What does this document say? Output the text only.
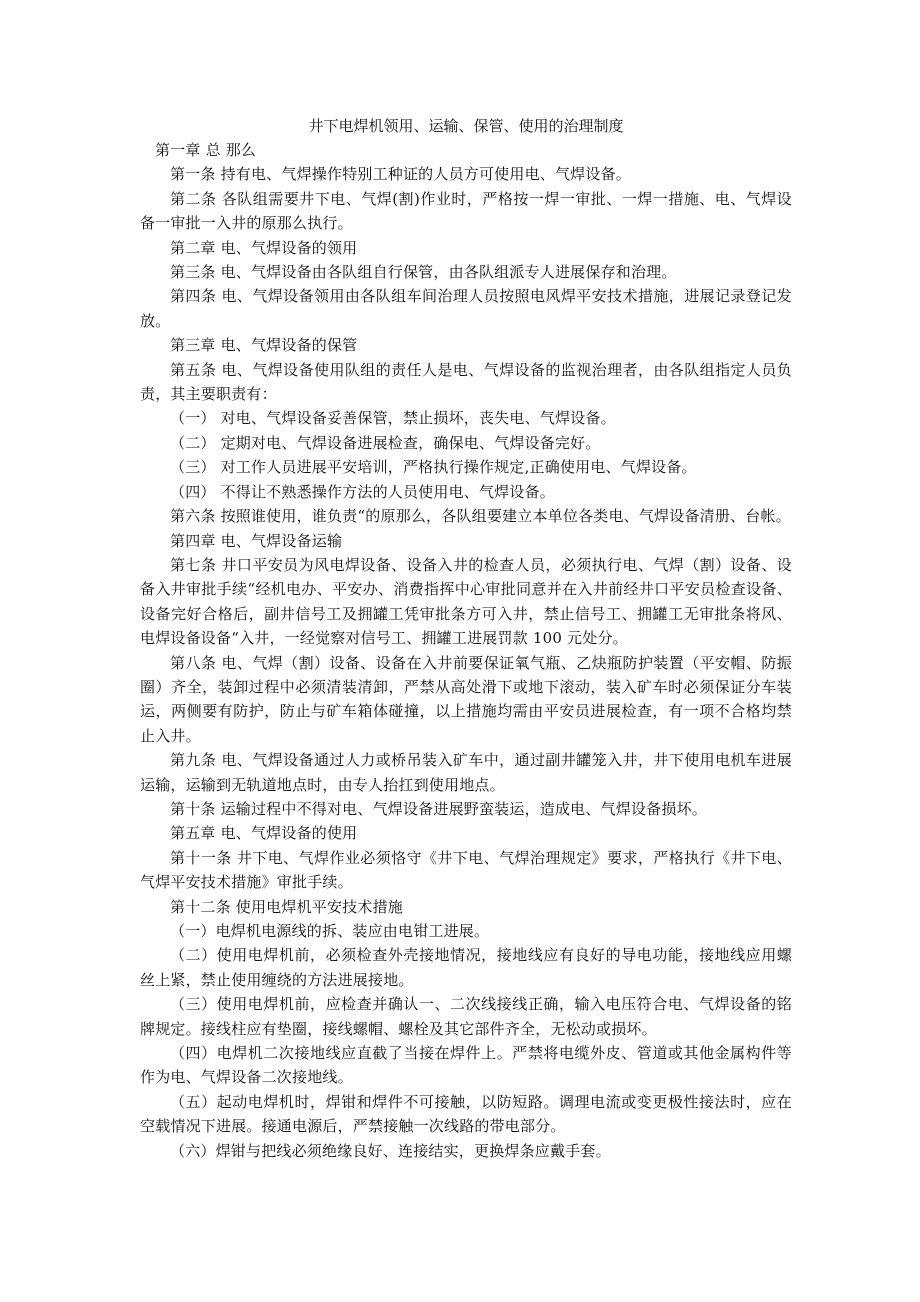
井下电焊机领用、运输、保管、使用的治理制度

第一章 总 那么

第一条 持有电、气焊操作特别工种证的人员方可使用电、气焊设备。

第二条 各队组需要井下电、气焊(割)作业时，严格按一焊一审批、一焊一措施、电、气焊设备一审批一入井的原那么执行。

第二章 电、气焊设备的领用

第三条 电、气焊设备由各队组自行保管，由各队组派专人进展保存和治理。

第四条 电、气焊设备领用由各队组车间治理人员按照电风焊平安技术措施，进展记录登记发放。

第三章 电、气焊设备的保管

第五条 电、气焊设备使用队组的责任人是电、气焊设备的监视治理者，由各队组指定人员负责，其主要职责有：

（一） 对电、气焊设备妥善保管，禁止损坏，丧失电、气焊设备。

（二） 定期对电、气焊设备进展检查，确保电、气焊设备完好。

（三） 对工作人员进展平安培训，严格执行操作规定,正确使用电、气焊设备。

（四） 不得让不熟悉操作方法的人员使用电、气焊设备。

第六条 按照谁使用，谁负责“的原那么，各队组要建立本单位各类电、气焊设备清册、台帐。

第四章 电、气焊设备运输

第七条 井口平安员为风电焊设备、设备入井的检查人员，必须执行电、气焊（割）设备、设备入井审批手续“经机电办、平安办、消费指挥中心审批同意并在入井前经井口平安员检查设备、设备完好合格后，副井信号工及拥罐工凭审批条方可入井，禁止信号工、拥罐工无审批条将风、电焊设备设备“入井，一经觉察对信号工、拥罐工进展罚款 100 元处分。

第八条 电、气焊（割）设备、设备在入井前要保证氧气瓶、乙炔瓶防护装置（平安帽、防振圈）齐全，装卸过程中必须清装清卸，严禁从高处滑下或地下滚动，装入矿车时必须保证分车装运，两侧要有防护，防止与矿车箱体碰撞，以上措施均需由平安员进展检查，有一项不合格均禁止入井。

第九条 电、气焊设备通过人力或桥吊装入矿车中，通过副井罐笼入井，井下使用电机车进展运输，运输到无轨道地点时，由专人抬扛到使用地点。

第十条 运输过程中不得对电、气焊设备进展野蛮装运，造成电、气焊设备损坏。

第五章 电、气焊设备的使用

第十一条 井下电、气焊作业必须恪守《井下电、气焊治理规定》要求，严格执行《井下电、气焊平安技术措施》审批手续。

第十二条 使用电焊机平安技术措施

（一）电焊机电源线的拆、装应由电钳工进展。

（二）使用电焊机前，必须检查外壳接地情况，接地线应有良好的导电功能，接地线应用螺丝上紧，禁止使用缠绕的方法进展接地。

（三）使用电焊机前，应检查并确认一、二次线接线正确，输入电压符合电、气焊设备的铭牌规定。接线柱应有垫圈，接线螺帽、螺栓及其它部件齐全，无松动或损坏。

（四）电焊机二次接地线应直截了当接在焊件上。严禁将电缆外皮、管道或其他金属构件等作为电、气焊设备二次接地线。

（五）起动电焊机时，焊钳和焊件不可接触，以防短路。调理电流或变更极性接法时，应在空载情况下进展。接通电源后，严禁接触一次线路的带电部分。

（六）焊钳与把线必须绝缘良好、连接结实，更换焊条应戴手套。
